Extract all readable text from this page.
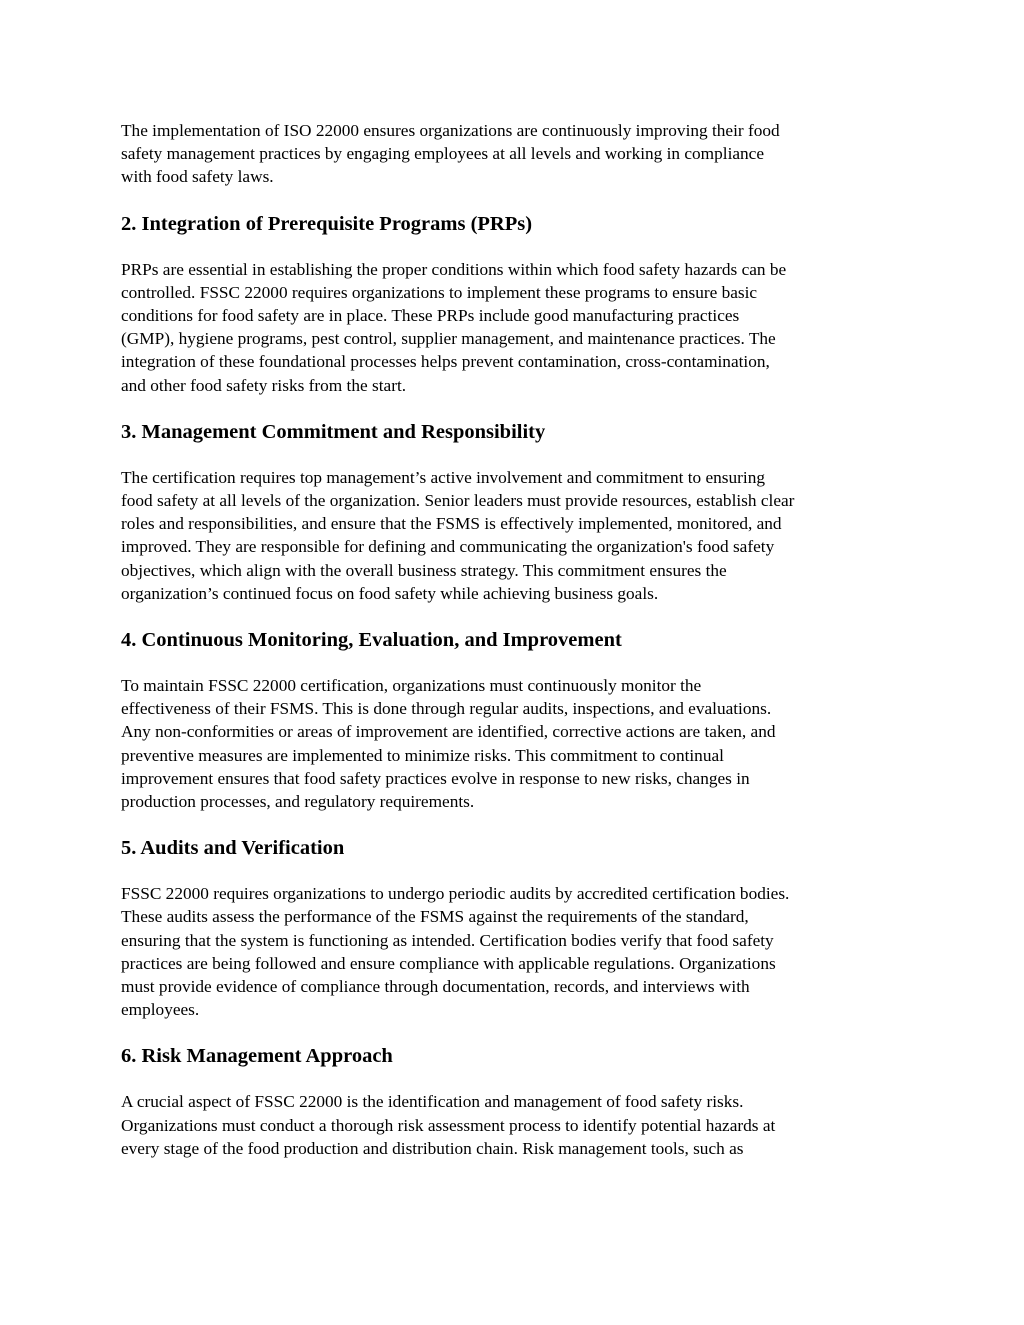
The implementation of ISO 22000 ensures organizations are continuously improving their food
safety management practices by engaging employees at all levels and working in compliance
with food safety laws.

2. Integration of Prerequisite Programs (PRPs)

PRPs are essential in establishing the proper conditions within which food safety hazards can be
controlled. FSSC 22000 requires organizations to implement these programs to ensure basic
conditions for food safety are in place. These PRPs include good manufacturing practices
(GMP), hygiene programs, pest control, supplier management, and maintenance practices. The
integration of these foundational processes helps prevent contamination, cross-contamination,
and other food safety risks from the start.

3. Management Commitment and Responsibility

The certification requires top management’s active involvement and commitment to ensuring
food safety at all levels of the organization. Senior leaders must provide resources, establish clear
roles and responsibilities, and ensure that the FSMS is effectively implemented, monitored, and
improved. They are responsible for defining and communicating the organization's food safety
objectives, which align with the overall business strategy. This commitment ensures the
organization’s continued focus on food safety while achieving business goals.

4. Continuous Monitoring, Evaluation, and Improvement

To maintain FSSC 22000 certification, organizations must continuously monitor the
effectiveness of their FSMS. This is done through regular audits, inspections, and evaluations.
Any non-conformities or areas of improvement are identified, corrective actions are taken, and
preventive measures are implemented to minimize risks. This commitment to continual
improvement ensures that food safety practices evolve in response to new risks, changes in
production processes, and regulatory requirements.

5. Audits and Verification

FSSC 22000 requires organizations to undergo periodic audits by accredited certification bodies.
These audits assess the performance of the FSMS against the requirements of the standard,
ensuring that the system is functioning as intended. Certification bodies verify that food safety
practices are being followed and ensure compliance with applicable regulations. Organizations
must provide evidence of compliance through documentation, records, and interviews with
employees.

6. Risk Management Approach

A crucial aspect of FSSC 22000 is the identification and management of food safety risks.
Organizations must conduct a thorough risk assessment process to identify potential hazards at
every stage of the food production and distribution chain. Risk management tools, such as
